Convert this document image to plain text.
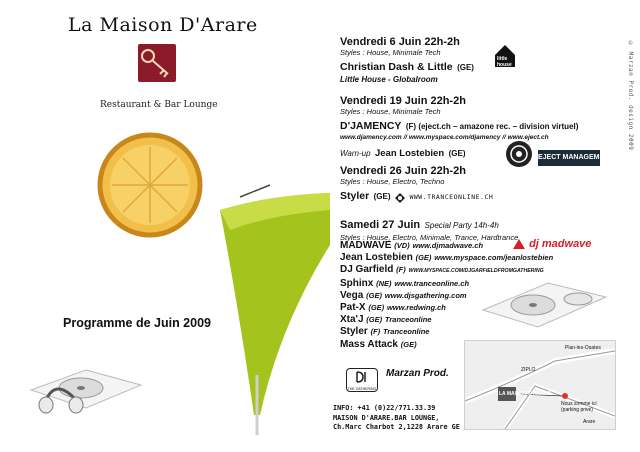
La Maison D'Arare
Restaurant & Bar Lounge
Programme de Juin 2009
© Marzan Prod. design 2009
Vendredi 6 Juin 22h-2h
Styles : House, Minimale Tech
Christian Dash & Little (GE)
Little House - Globalroom
little house
Vendredi 19 Juin 22h-2h
Styles : House, Minimale Tech
D'JAMENCY (F) (eject.ch – amazone rec. – division virtuel)
www.djamency.com // www.myspace.com/djamency // www.eject.ch
Warn-up Jean Lostebien (GE)	EJECT MANAGEMENT
Vendredi 26 Juin 22h-2h
Styles : House, Electro, Techno
Styler (GE)	WWW.TRANCEONLINE.CH
Samedi 27 Juin Special Party 14h-4h
Styles : House, Electro, Minimale, Trance, Hardtrance
MADWAVE (VD) www.djmadwave.ch
Jean Lostebien (GE) www.myspace.com/jeanlostebien
DJ Garfield (F) WWW.MYSPACE.COM/DJGARFIELDFROMGATHERING
Sphinx (NE) www.tranceonline.ch
Vega (GE) www.djsgathering.com
Pat-X (GE) www.redwing.ch
Xta'J (GE) Tranceonline
Styler (F) Tranceonline
Mass Attack (GE)
dj madwave
THE GATHERING
Marzan Prod.
INFO: +41 (0)22/771.33.39
MAISON D'ARARE.BAR LOUNGE,
Ch.Marc Charbot 2,1228 Arare GE
Plan-les-Ouates
ZIPLO
LA MAISON D'ARARE
Nous somme ici (parking privé)
Arare
